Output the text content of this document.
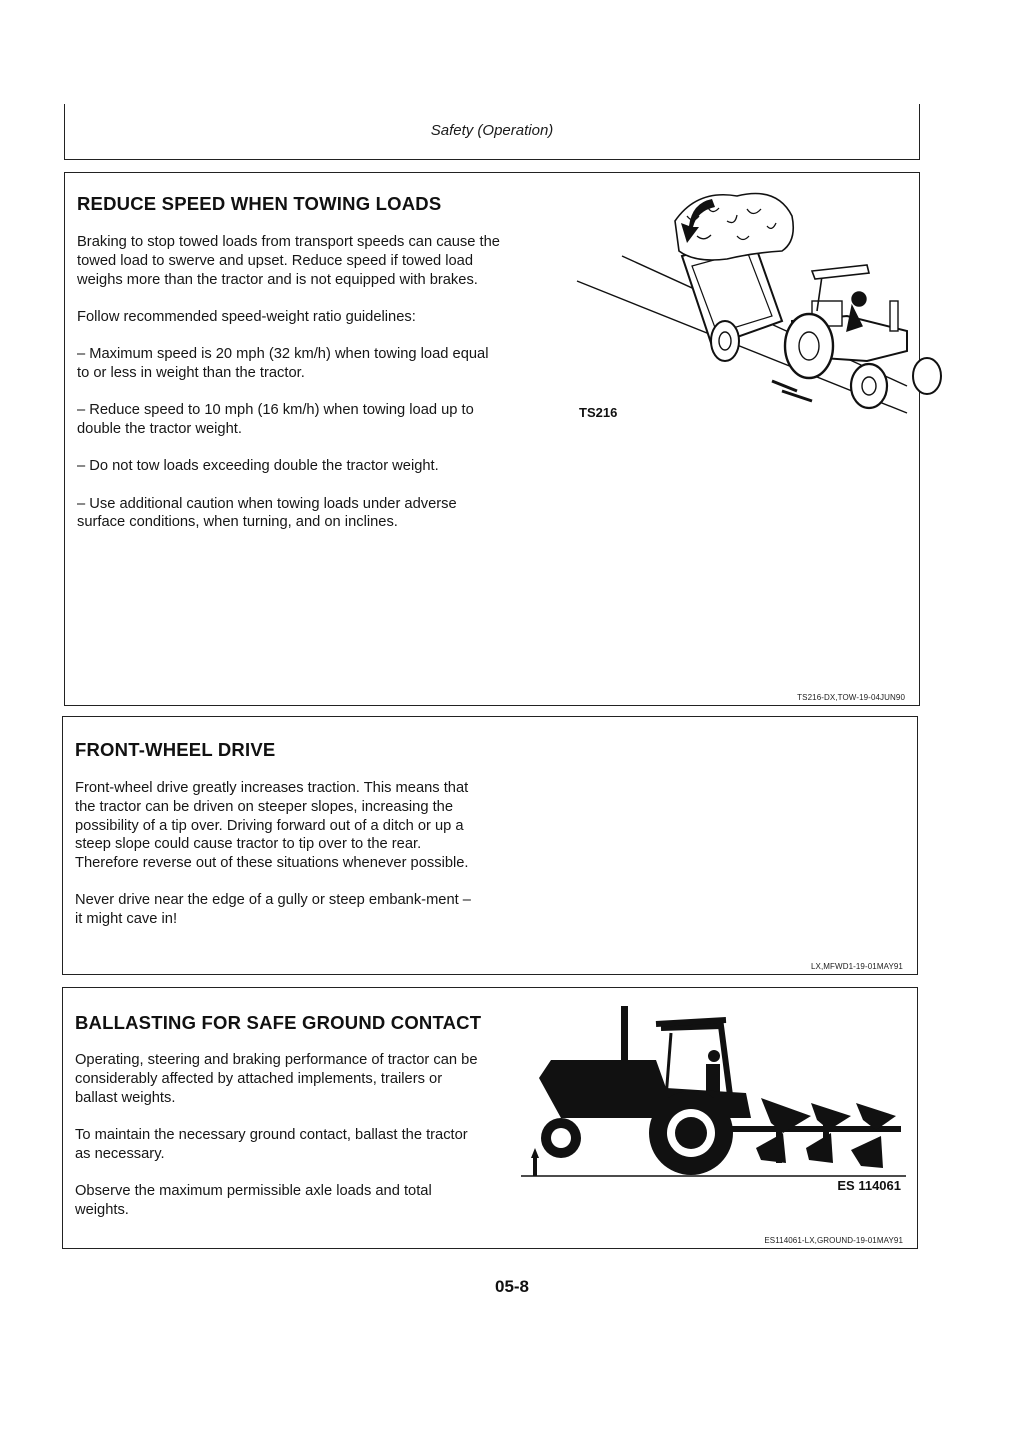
Safety (Operation)
REDUCE SPEED WHEN TOWING LOADS

Braking to stop towed loads from transport speeds can cause the towed load to swerve and upset. Reduce speed if towed load weighs more than the tractor and is not equipped with brakes.

Follow recommended speed-weight ratio guidelines:

– Maximum speed is 20 mph (32 km/h) when towing load equal to or less in weight than the tractor.

– Reduce speed to 10 mph (16 km/h) when towing load up to double the tractor weight.

– Do not tow loads exceeding double the tractor weight.

– Use additional caution when towing loads under adverse surface conditions, when turning, and on inclines.

TS216
TS216-DX,TOW-19-04JUN90
FRONT-WHEEL DRIVE

Front-wheel drive greatly increases traction. This means that the tractor can be driven on steeper slopes, increasing the possibility of a tip over. Driving forward out of a ditch or up a steep slope could cause tractor to tip over to the rear. Therefore reverse out of these situations whenever possible.

Never drive near the edge of a gully or steep embank-ment – it might cave in!

LX,MFWD1-19-01MAY91
BALLASTING FOR SAFE GROUND CONTACT

Operating, steering and braking performance of tractor can be considerably affected by attached implements, trailers or ballast weights.

To maintain the necessary ground contact, ballast the tractor as necessary.

Observe the maximum permissible axle loads and total weights.

ES 114061
ES114061-LX,GROUND-19-01MAY91
05-8
